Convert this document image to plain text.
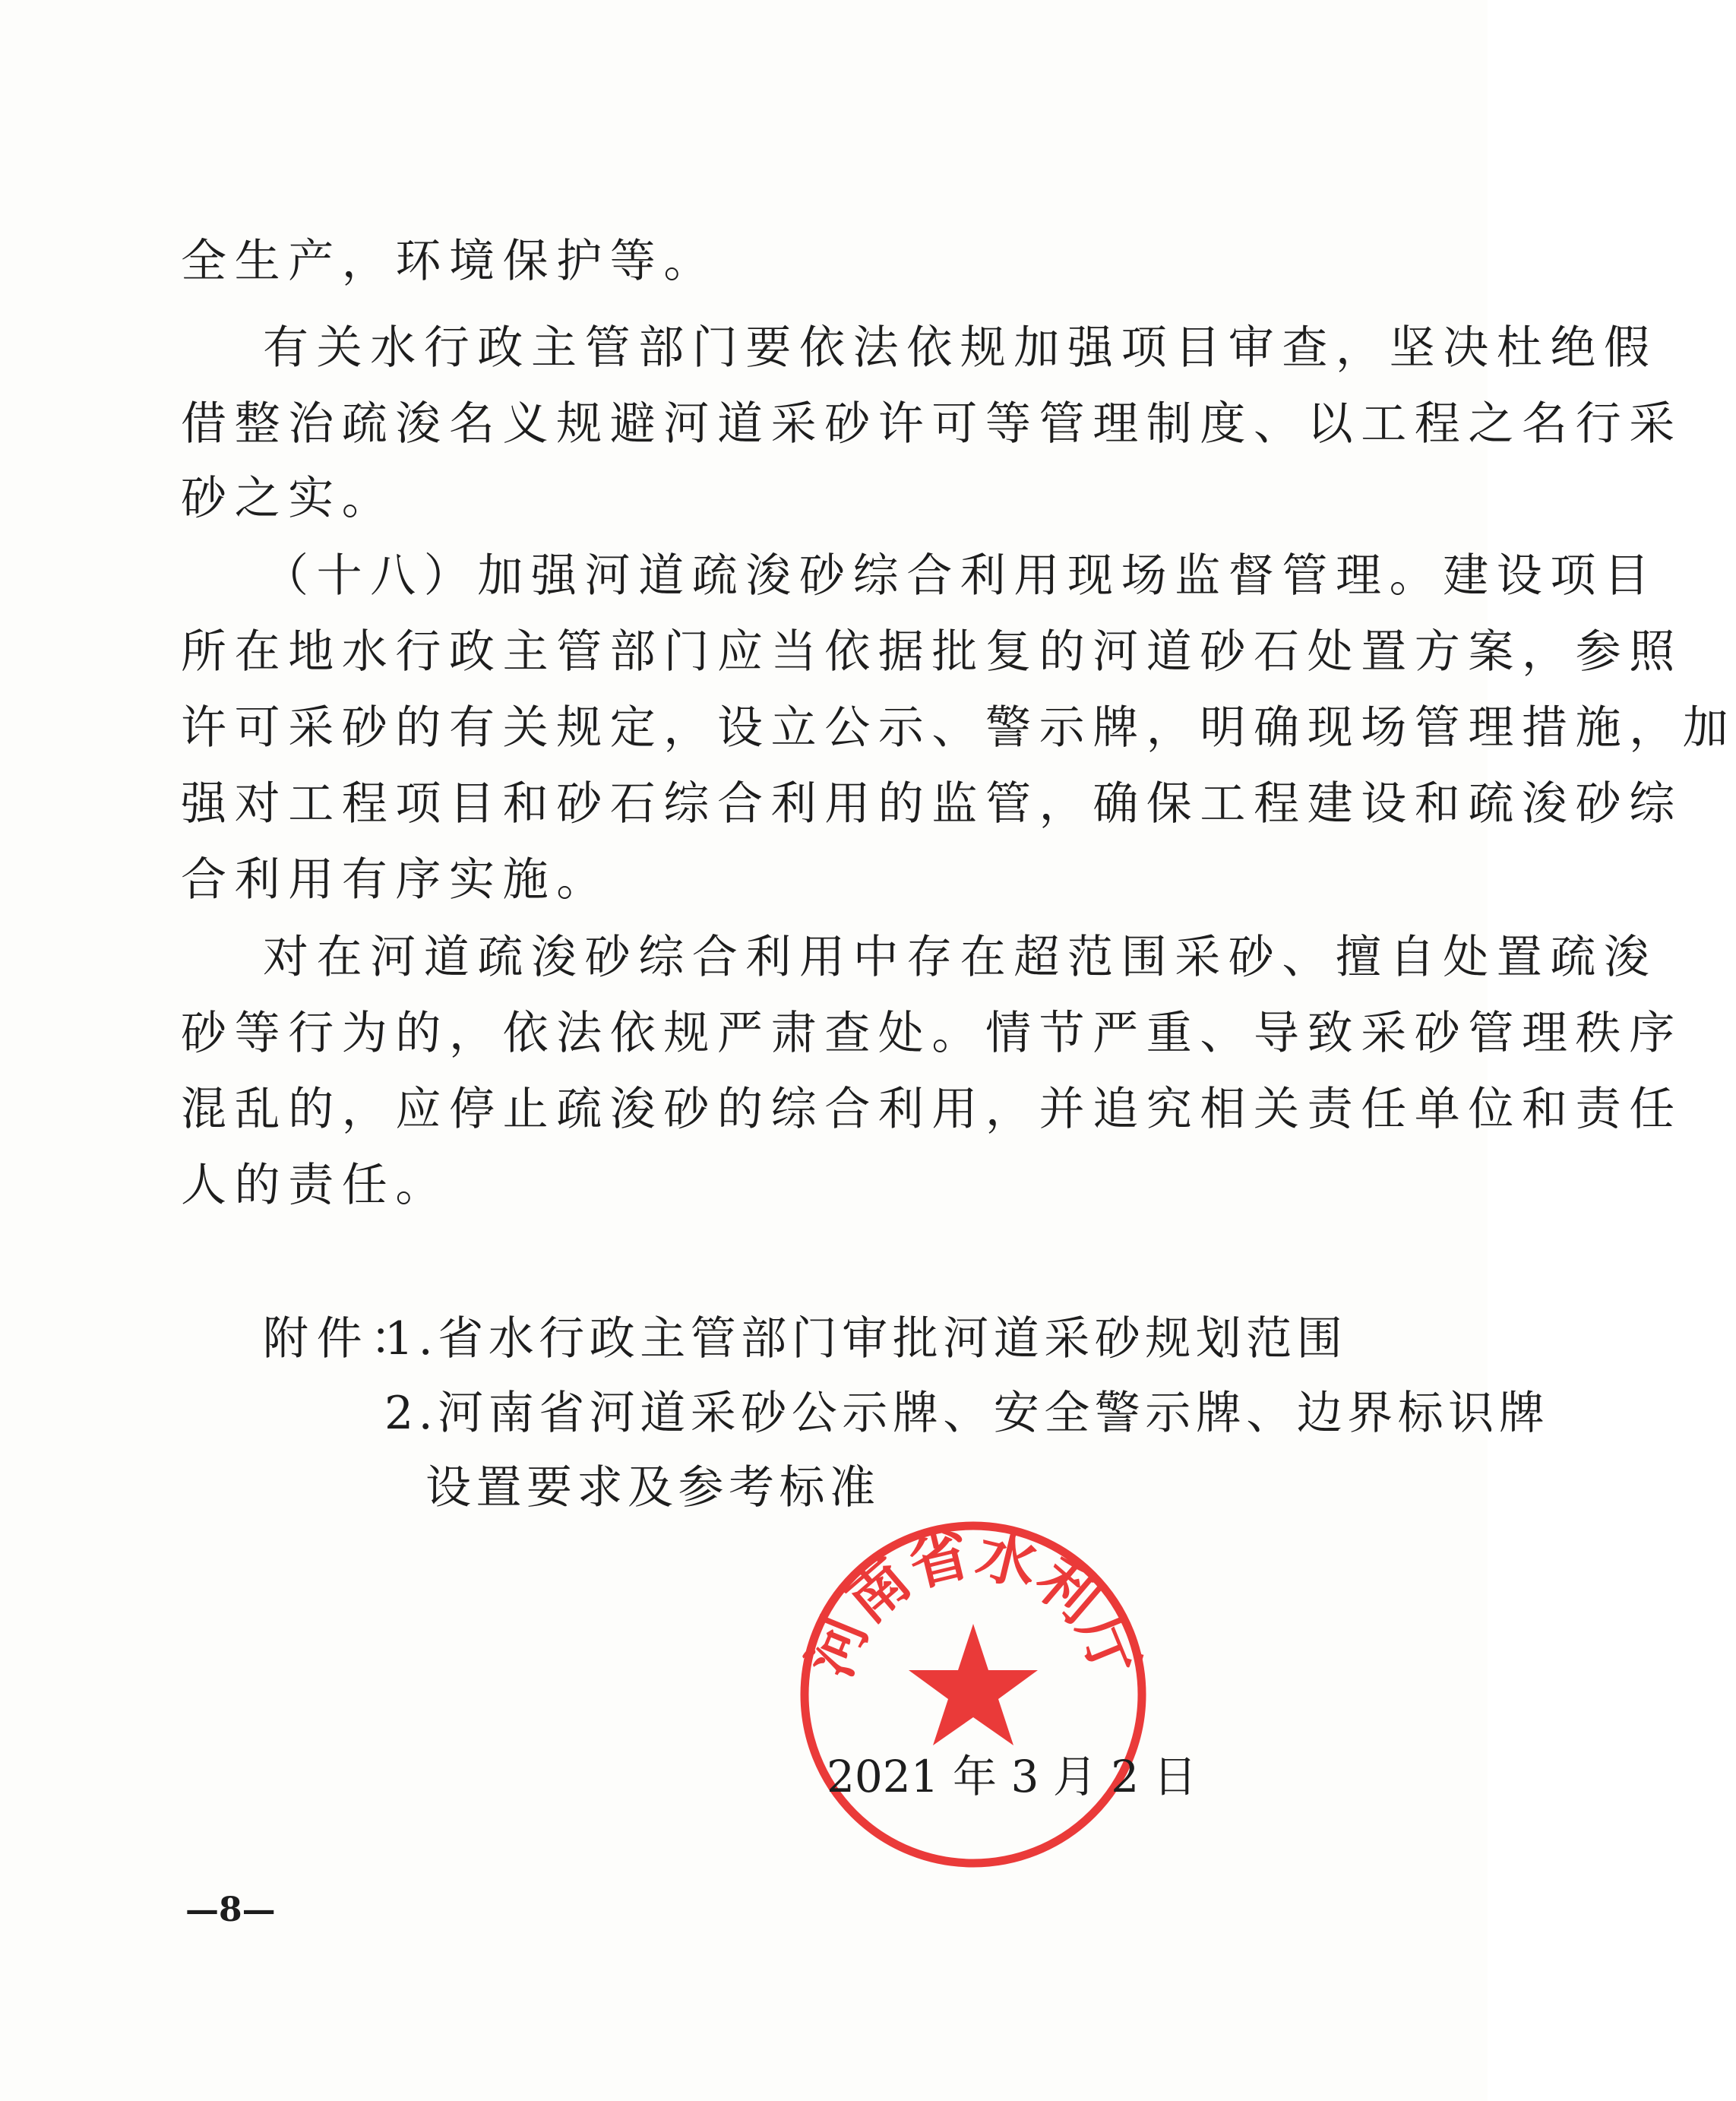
全生产，环境保护等。
有关水行政主管部门要依法依规加强项目审查，坚决杜绝假
借整治疏浚名义规避河道采砂许可等管理制度、以工程之名行采
砂之实。
（十八）加强河道疏浚砂综合利用现场监督管理。建设项目
所在地水行政主管部门应当依据批复的河道砂石处置方案，参照
许可采砂的有关规定，设立公示、警示牌，明确现场管理措施，加
强对工程项目和砂石综合利用的监管，确保工程建设和疏浚砂综
合利用有序实施。
对在河道疏浚砂综合利用中存在超范围采砂、擅自处置疏浚
砂等行为的，依法依规严肃查处。情节严重、导致采砂管理秩序
混乱的，应停止疏浚砂的综合利用，并追究相关责任单位和责任
人的责任。
附件：
1.省水行政主管部门审批河道采砂规划范围
2.河南省河道采砂公示牌、安全警示牌、边界标识牌
设置要求及参考标准
河南省水利厅
2021 年 3 月 2 日
—8—
